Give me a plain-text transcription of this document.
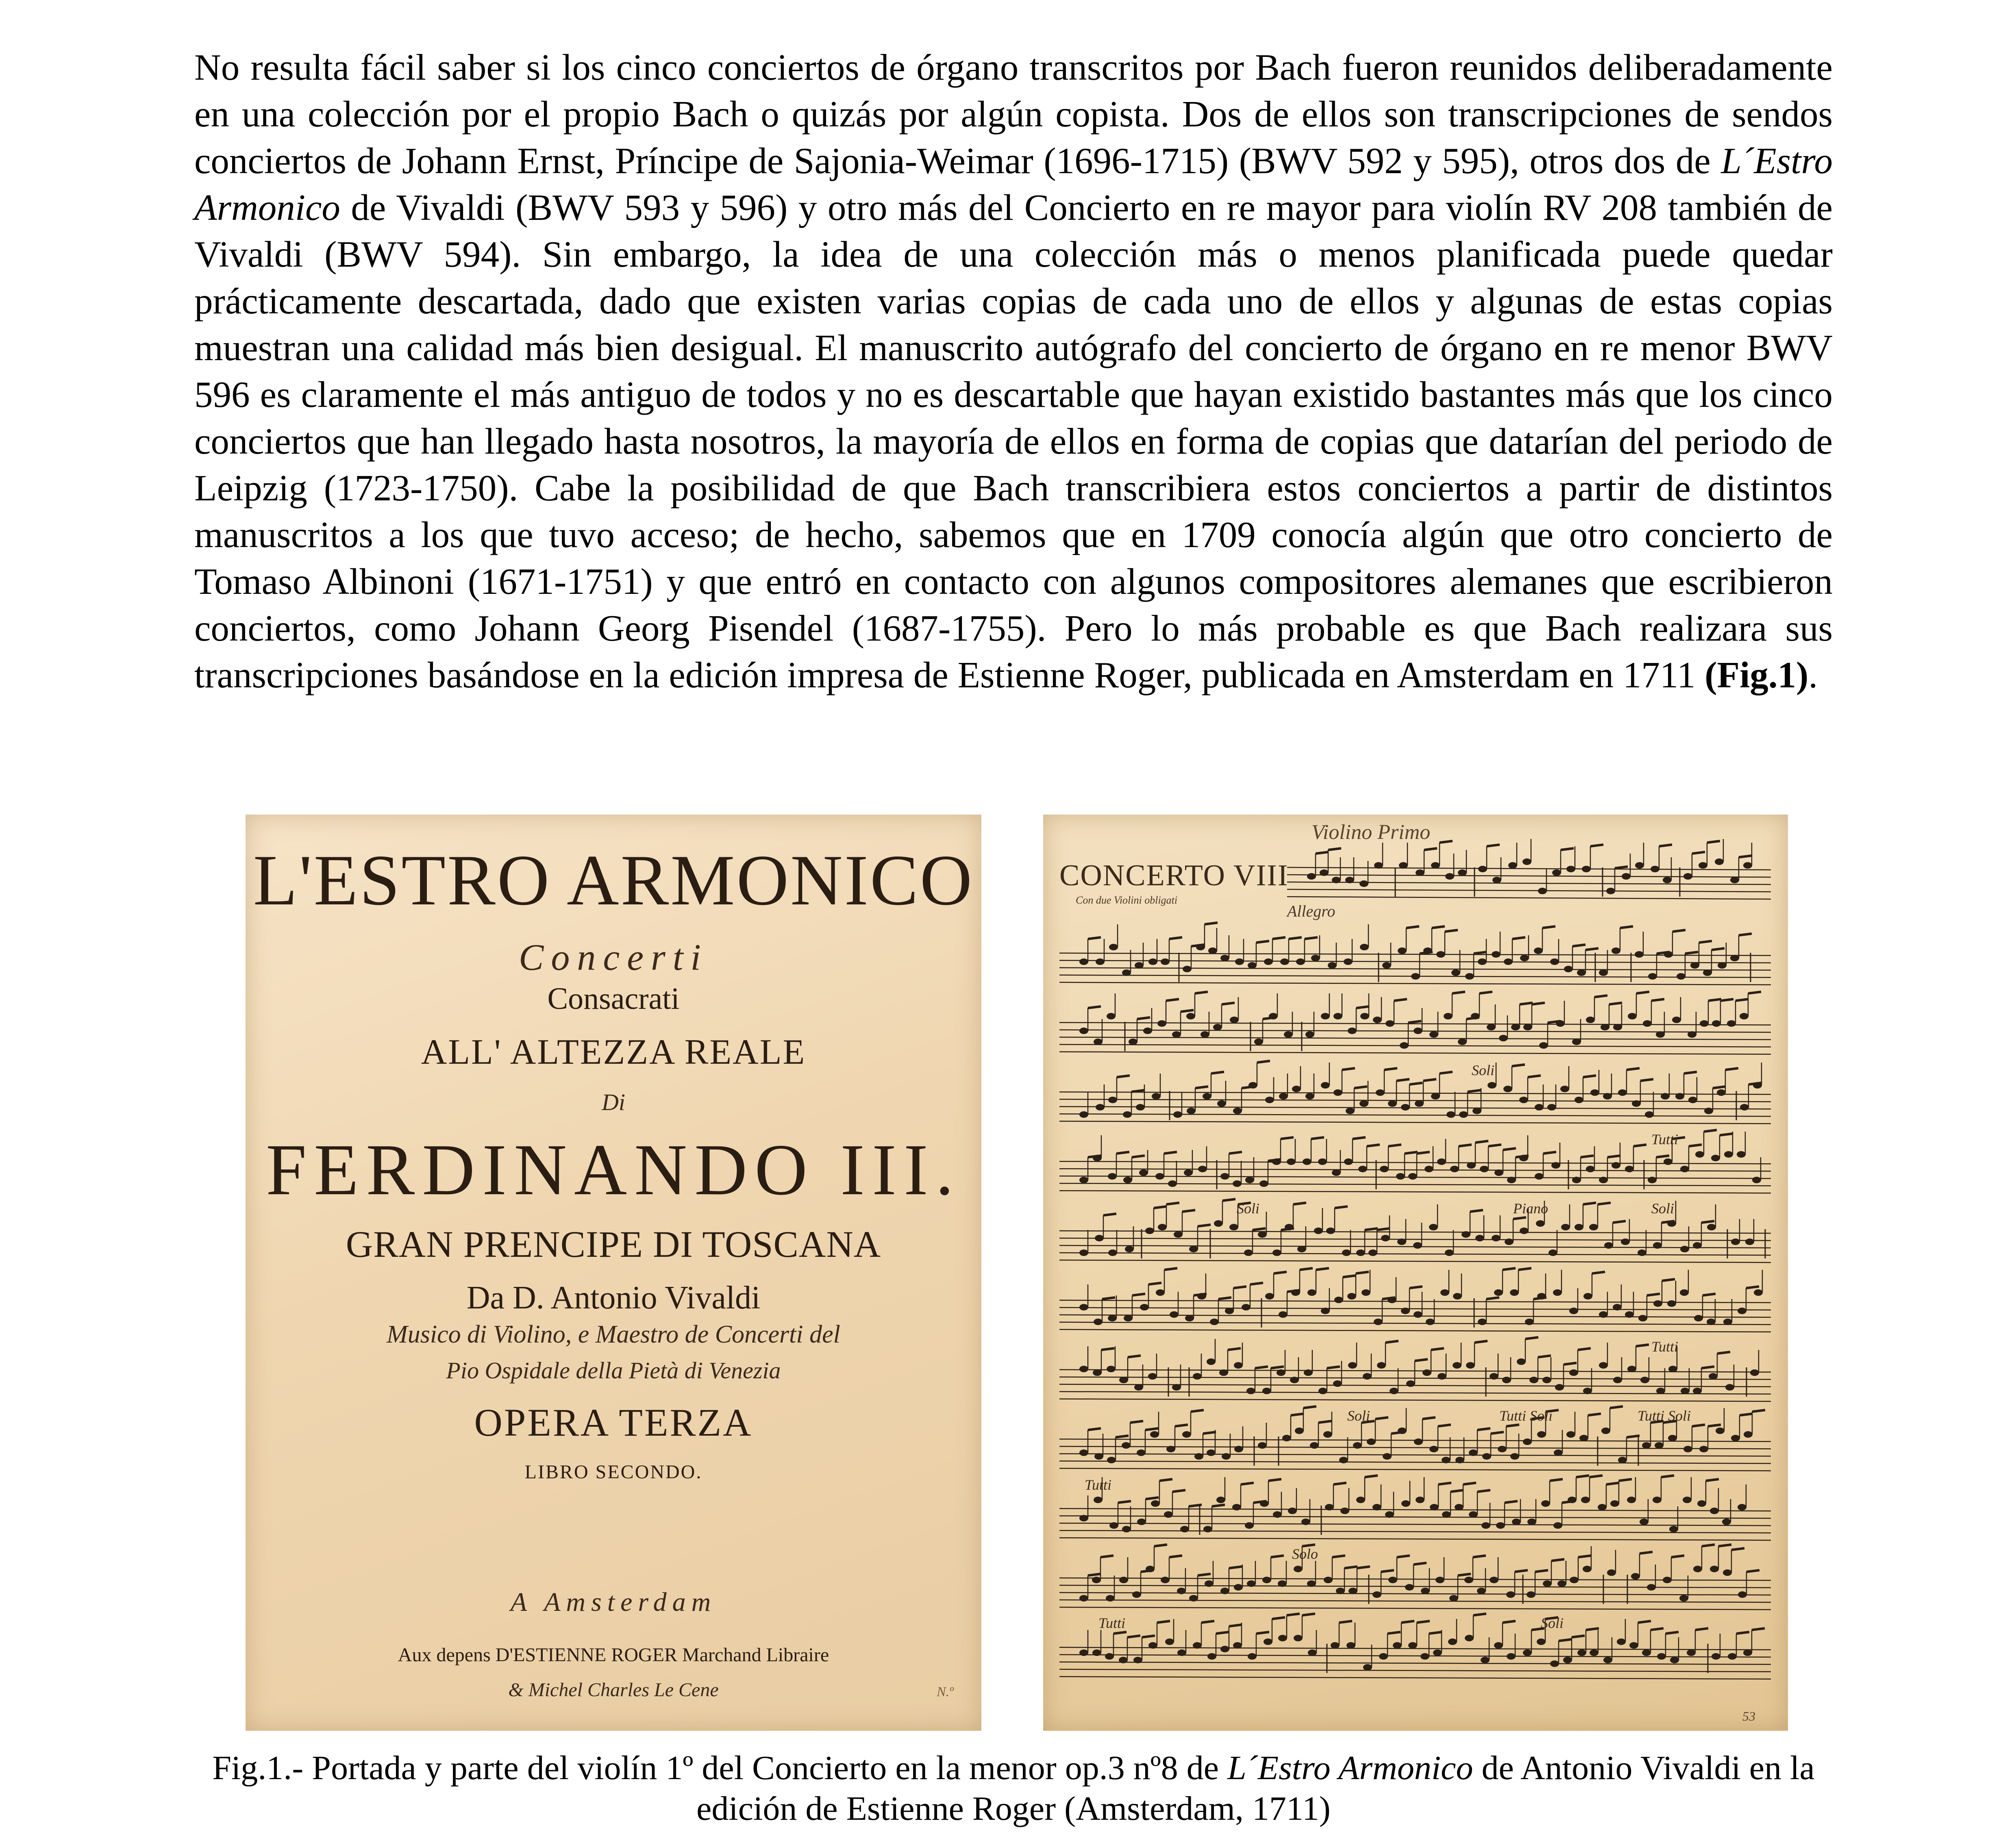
No resulta fácil saber si los cinco conciertos de órgano transcritos por Bach fueron reunidos deliberadamente en una colección por el propio Bach o quizás por algún copista. Dos de ellos son transcripciones de sendos conciertos de Johann Ernst, Príncipe de Sajonia-Weimar (1696-1715) (BWV 592 y 595), otros dos de L´Estro Armonico de Vivaldi (BWV 593 y 596) y otro más del Concierto en re mayor para violín RV 208 también de Vivaldi (BWV 594). Sin embargo, la idea de una colección más o menos planificada puede quedar prácticamente descartada, dado que existen varias copias de cada uno de ellos y algunas de estas copias muestran una calidad más bien desigual. El manuscrito autógrafo del concierto de órgano en re menor BWV 596 es claramente el más antiguo de todos y no es descartable que hayan existido bastantes más que los cinco conciertos que han llegado hasta nosotros, la mayoría de ellos en forma de copias que datarían del periodo de Leipzig (1723-1750). Cabe la posibilidad de que Bach transcribiera estos conciertos a partir de distintos manuscritos a los que tuvo acceso; de hecho, sabemos que en 1709 conocía algún que otro concierto de Tomaso Albinoni (1671-1751) y que entró en contacto con algunos compositores alemanes que escribieron conciertos, como Johann Georg Pisendel (1687-1755). Pero lo más probable es que Bach realizara sus transcripciones basándose en la edición impresa de Estienne Roger, publicada en Amsterdam en 1711 (Fig.1).

L'ESTRO ARMONICO
Concerti
Consacrati
ALL' ALTEZZA REALE
Di
FERDINANDO III.
GRAN PRENCIPE DI TOSCANA
Da D. Antonio Vivaldi
Musico di Violino, e Maestro de Concerti del
Pio Ospidale della Pietà di Venezia
OPERA TERZA
LIBRO SECONDO.
A Amsterdam
Aux depens D'ESTIENNE ROGER Marchand Libraire
& Michel Charles Le Cene	N.º
Violino Primo
CONCERTO VIII
Con due Violini obligati
Allegro
53
Soli
Tutti
Soli	Piano	Soli
Tutti
Soli	Tutti Soli	Tutti Soli
Tutti
Solo
Tutti	Soli

Fig.1.- Portada y parte del violín 1º del Concierto en la menor op.3 nº8 de L´Estro Armonico de Antonio Vivaldi en la edición de Estienne Roger (Amsterdam, 1711)
